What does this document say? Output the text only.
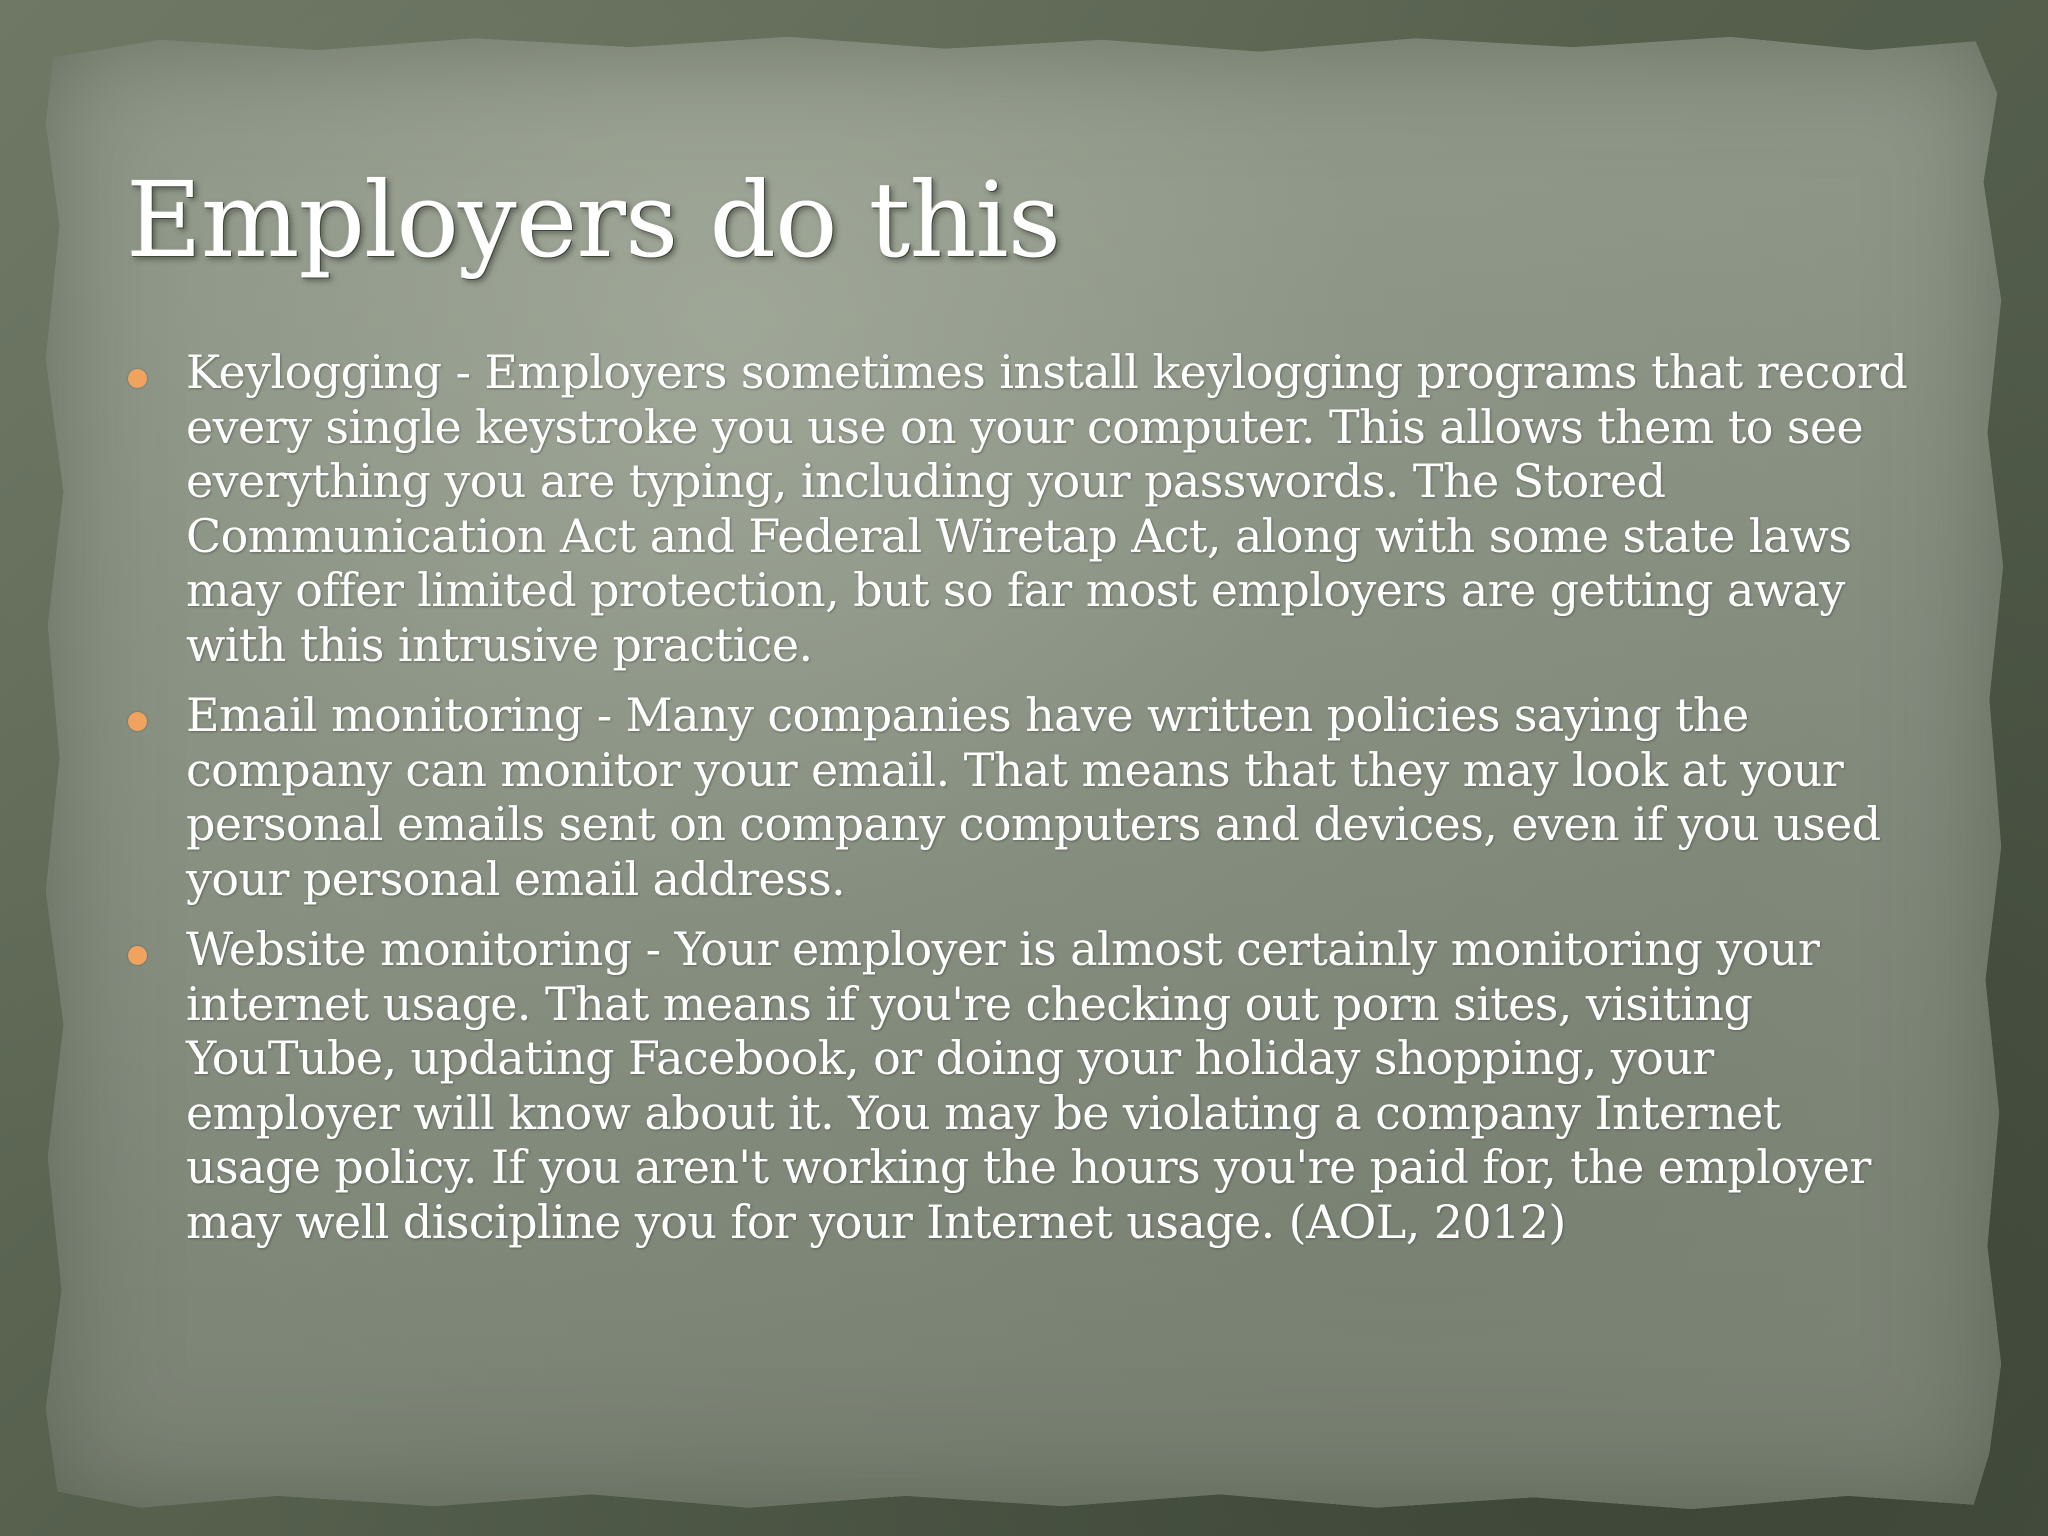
Employers do this
Keylogging - Employers sometimes install keylogging programs that record every single keystroke you use on your computer. This allows them to see everything you are typing, including your passwords. The Stored Communication Act and Federal Wiretap Act, along with some state laws may offer limited protection, but so far most employers are getting away with this intrusive practice.
Email monitoring - Many companies have written policies saying the company can monitor your email. That means that they may look at your personal emails sent on company computers and devices, even if you used your personal email address.
Website monitoring - Your employer is almost certainly monitoring your internet usage. That means if you're checking out porn sites, visiting YouTube, updating Facebook, or doing your holiday shopping, your employer will know about it. You may be violating a company Internet usage policy. If you aren't working the hours you're paid for, the employer may well discipline you for your Internet usage. (AOL, 2012)
